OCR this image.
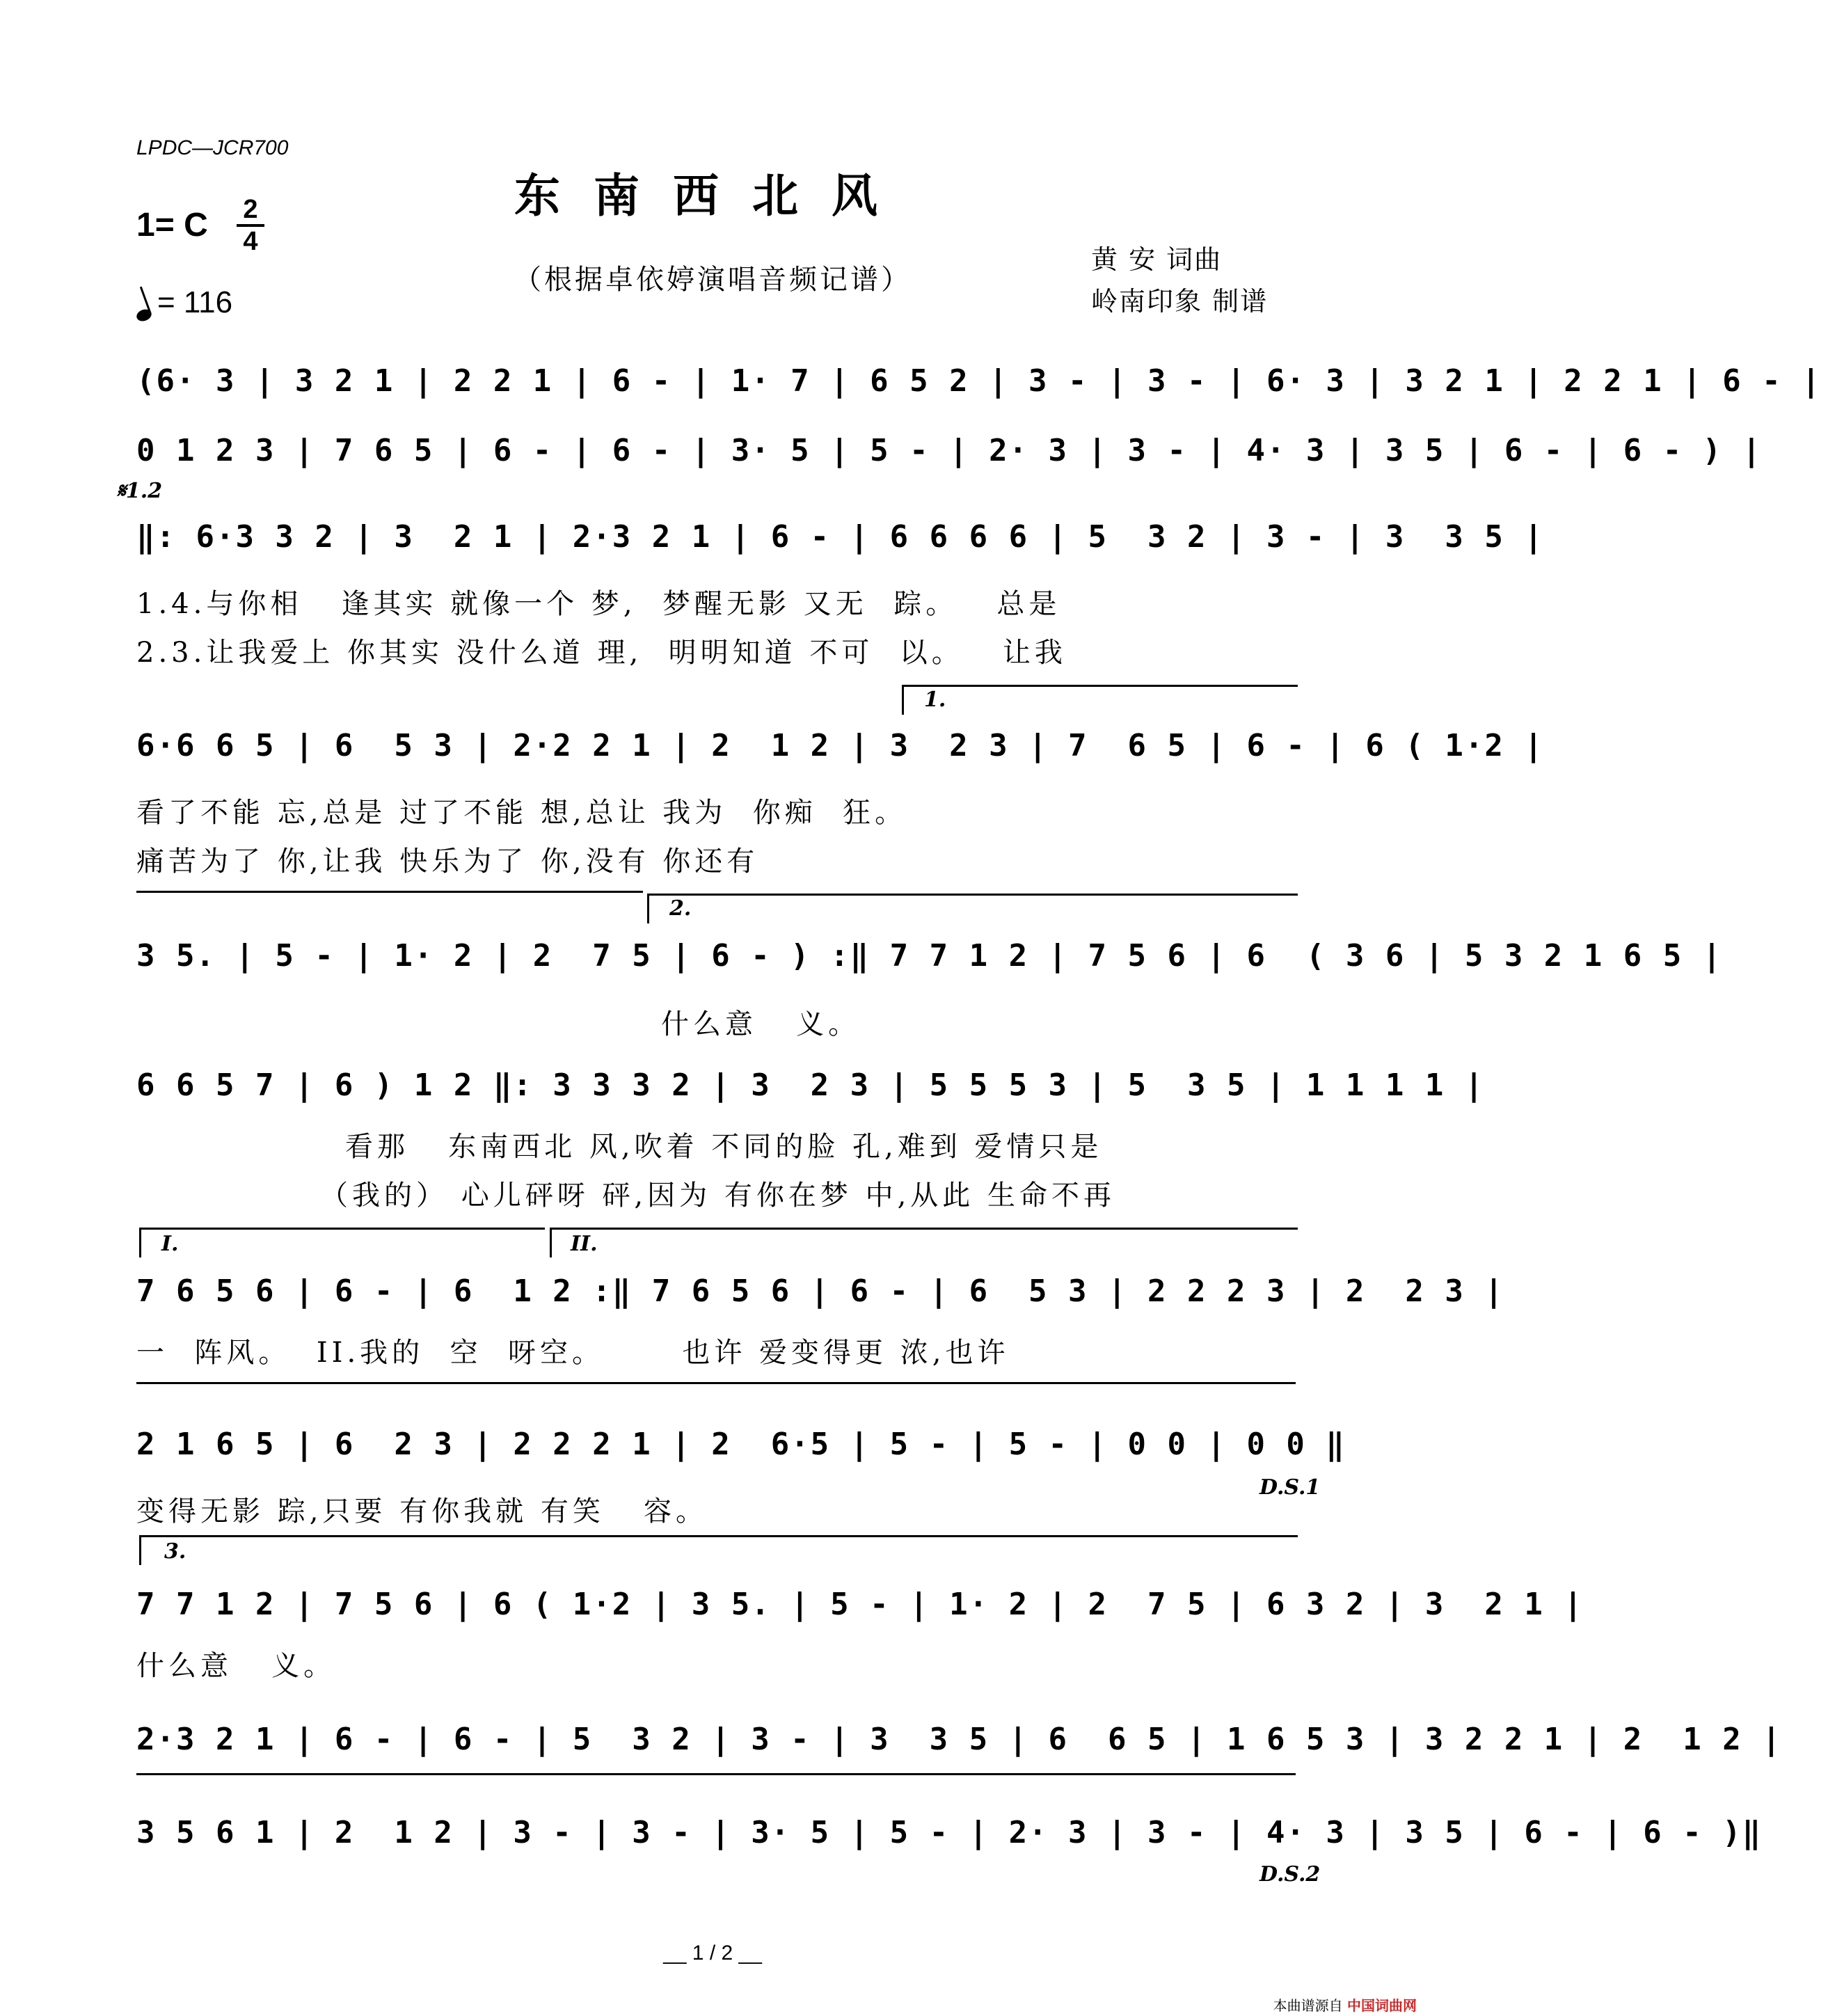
LPDC—JCR700
东南西北风
1= C 2
4
= 116
（根据卓依婷演唱音频记谱）
黄 安 词曲
岭南印象 制谱
(6· 3 | 3 2 1 | 2 2 1 | 6 - | 1· 7 | 6 5 2 | 3 - | 3 - | 6· 3 | 3 2 1 | 2 2 1 | 6 - |
0 1 2 3 | 7 6 5 | 6 - | 6 - | 3· 5 | 5 - | 2· 3 | 3 - | 4· 3 | 3 5 | 6 - | 6 - ) |
𝄋1.2
‖: 6·3 3 2 | 3  2 1 | 2·3 2 1 | 6 - | 6 6 6 6 | 5  3 2 | 3 - | 3  3 5 |
1.4.与你相   逢其实 就像一个 梦,  梦醒无影 又无  踪。   总是
2.3.让我爱上 你其实 没什么道 理,  明明知道 不可  以。   让我
1.
6·6 6 5 | 6  5 3 | 2·2 2 1 | 2  1 2 | 3  2 3 | 7  6 5 | 6 - | 6 ( 1·2 |
看了不能 忘,总是 过了不能 想,总让 我为  你痴  狂。
痛苦为了 你,让我 快乐为了 你,没有 你还有
2.
3 5. | 5 - | 1· 2 | 2  7 5 | 6 - ) :‖ 7 7 1 2 | 7 5 6 | 6  ( 3 6 | 5 3 2 1 6 5 |
什么意   义。
6 6 5 7 | 6 ) 1 2 ‖: 3 3 3 2 | 3  2 3 | 5 5 5 3 | 5  3 5 | 1 1 1 1 |
看那   东南西北 风,吹着 不同的脸 孔,难到 爱情只是
（我的） 心儿砰呀 砰,因为 有你在梦 中,从此 生命不再
I.	II.
7 6 5 6 | 6 - | 6  1 2 :‖ 7 6 5 6 | 6 - | 6  5 3 | 2 2 2 3 | 2  2 3 |
一  阵风。  II.我的  空  呀空。      也许 爱变得更 浓,也许
2 1 6 5 | 6  2 3 | 2 2 2 1 | 2  6·5 | 5 - | 5 - | 0 0 | 0 0 ‖
D.S.1
变得无影 踪,只要 有你我就 有笑   容。
3.
7 7 1 2 | 7 5 6 | 6 ( 1·2 | 3 5. | 5 - | 1· 2 | 2  7 5 | 6 3 2 | 3  2 1 |
什么意   义。
2·3 2 1 | 6 - | 6 - | 5  3 2 | 3 - | 3  3 5 | 6  6 5 | 1 6 5 3 | 3 2 2 1 | 2  1 2 |
3 5 6 1 | 2  1 2 | 3 - | 3 - | 3· 5 | 5 - | 2· 3 | 3 - | 4· 3 | 3 5 | 6 - | 6 - )‖
D.S.2
__ 1 / 2 __
本曲谱源自 中国词曲网
